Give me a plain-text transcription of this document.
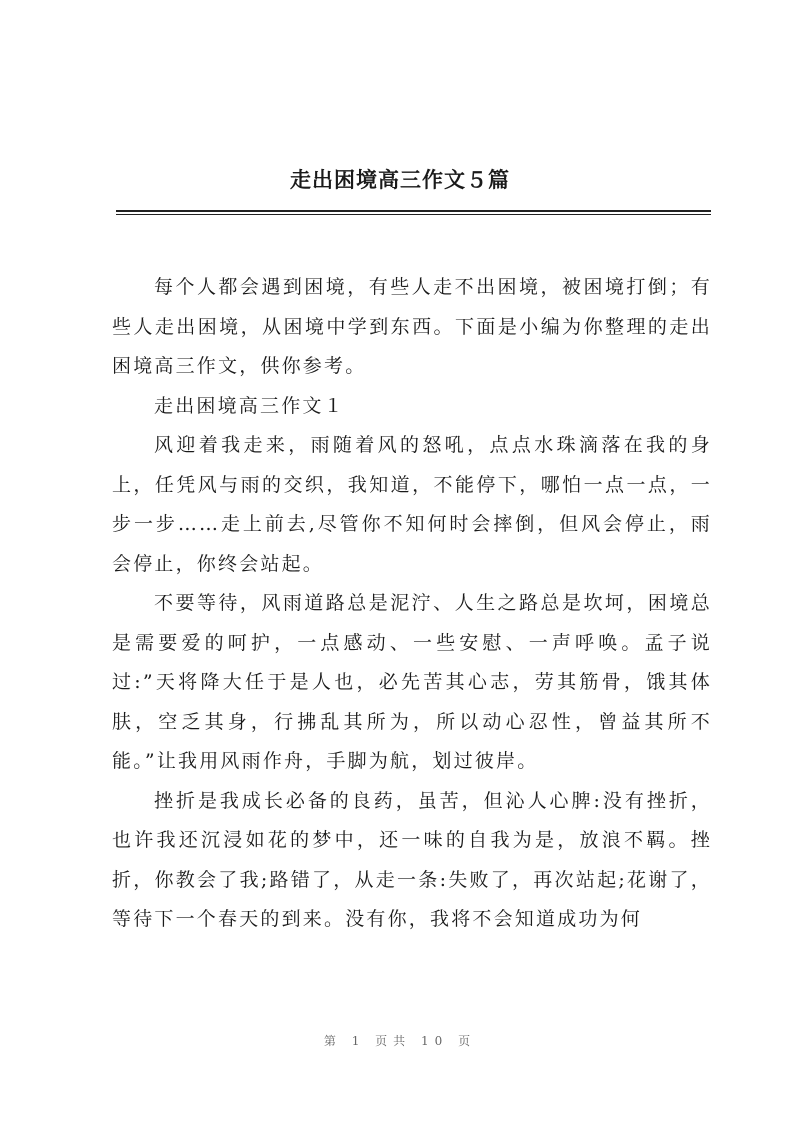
走出困境高三作文５篇

每个人都会遇到困境，有些人走不出困境，被困境打倒；有些人走出困境，从困境中学到东西。下面是小编为你整理的走出困境高三作文，供你参考。

走出困境高三作文１

风迎着我走来，雨随着风的怒吼，点点水珠滴落在我的身上，任凭风与雨的交织，我知道，不能停下，哪怕一点一点，一步一步……走上前去,尽管你不知何时会摔倒，但风会停止，雨会停止，你终会站起。

不要等待，风雨道路总是泥泞、人生之路总是坎坷，困境总是需要爱的呵护，一点感动、一些安慰、一声呼唤。孟子说过:”天将降大任于是人也，必先苦其心志，劳其筋骨，饿其体肤，空乏其身，行拂乱其所为，所以动心忍性，曾益其所不能。”让我用风雨作舟，手脚为航，划过彼岸。

挫折是我成长必备的良药，虽苦，但沁人心脾:没有挫折，也许我还沉浸如花的梦中，还一味的自我为是，放浪不羁。挫折，你教会了我;路错了，从走一条:失败了，再次站起;花谢了，等待下一个春天的到来。没有你，我将不会知道成功为何

第 1 页共 10 页
